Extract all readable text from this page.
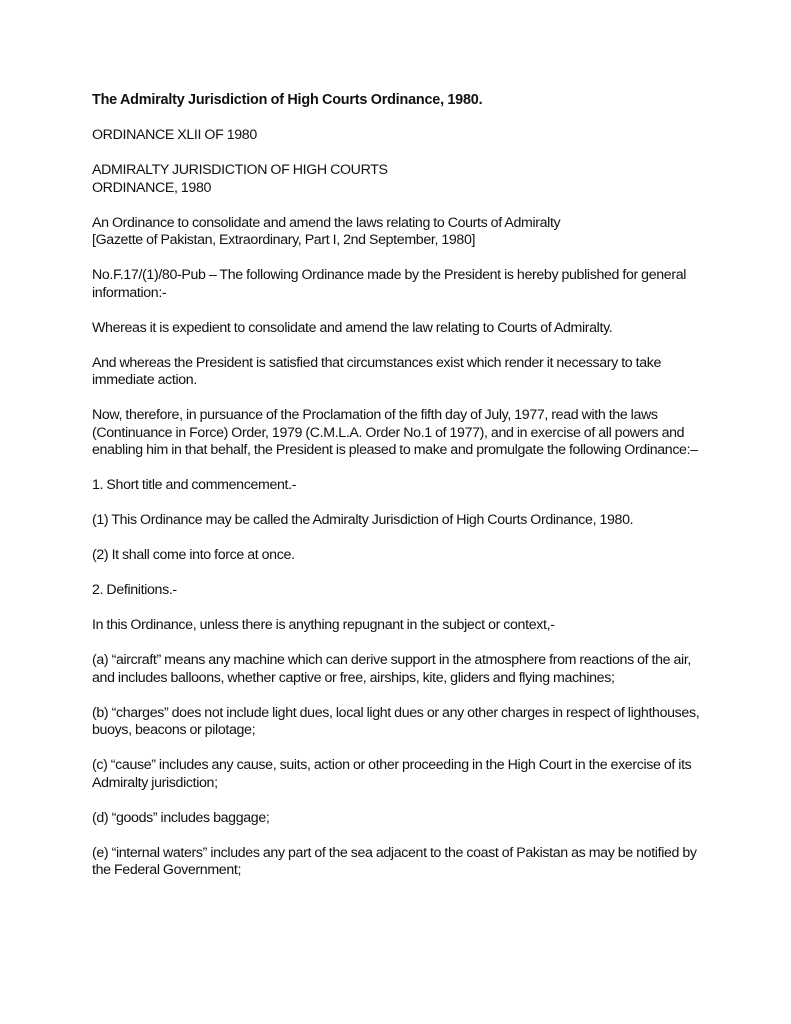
The Admiralty Jurisdiction of High Courts Ordinance, 1980.

ORDINANCE XLII OF 1980

ADMIRALTY JURISDICTION OF HIGH COURTS
ORDINANCE, 1980

An Ordinance to consolidate and amend the laws relating to Courts of Admiralty
[Gazette of Pakistan, Extraordinary, Part I, 2nd September, 1980]

No.F.17/(1)/80-Pub – The following Ordinance made by the President is hereby published for general information:-

Whereas it is expedient to consolidate and amend the law relating to Courts of Admiralty.

And whereas the President is satisfied that circumstances exist which render it necessary to take immediate action.

Now, therefore, in pursuance of the Proclamation of the fifth day of July, 1977, read with the laws (Continuance in Force) Order, 1979 (C.M.L.A. Order No.1 of 1977), and in exercise of all powers and enabling him in that behalf, the President is pleased to make and promulgate the following Ordinance:–

1. Short title and commencement.-

(1) This Ordinance may be called the Admiralty Jurisdiction of High Courts Ordinance, 1980.

(2) It shall come into force at once.

2. Definitions.-

In this Ordinance, unless there is anything repugnant in the subject or context,-

(a) “aircraft” means any machine which can derive support in the atmosphere from reactions of the air, and includes balloons, whether captive or free, airships, kite, gliders and flying machines;

(b) “charges” does not include light dues, local light dues or any other charges in respect of lighthouses, buoys, beacons or pilotage;

(c) “cause” includes any cause, suits, action or other proceeding in the High Court in the exercise of its Admiralty jurisdiction;

(d) “goods” includes baggage;

(e) “internal waters” includes any part of the sea adjacent to the coast of Pakistan as may be notified by the Federal Government;
